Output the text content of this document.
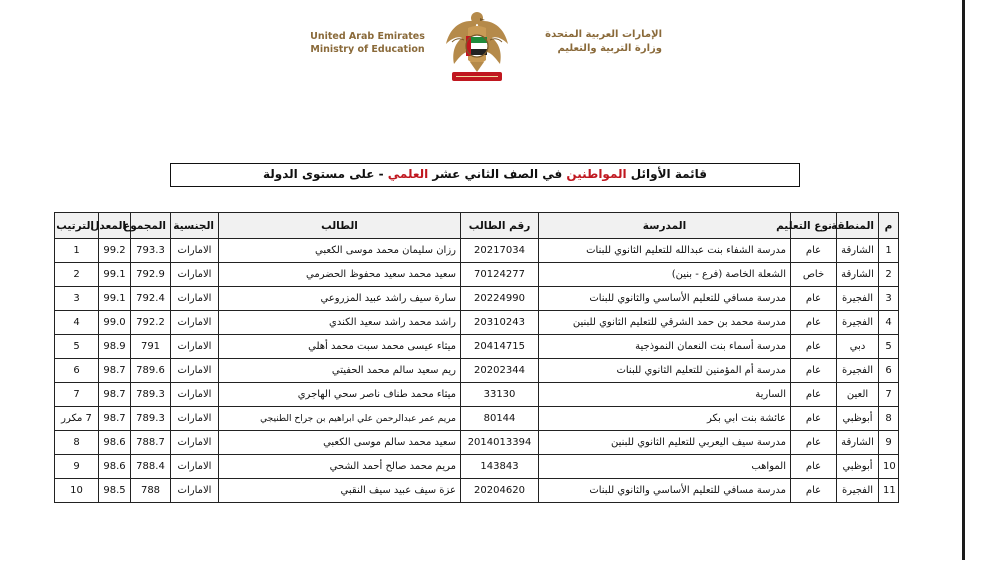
United Arab Emirates
Ministry of Education
الإمارات العربية المتحدة
وزارة التربية والتعليم
قائمة الأوائل المواطنين في الصف الثاني عشر العلمي - على مستوى الدولة
م	المنطقة	نوع التعليم	المدرسة	رقم الطالب	الطالب	الجنسية	المجموع	المعدل	الترتيب
1	الشارقة	عام	مدرسة الشفاء بنت عبدالله للتعليم الثانوي للبنات	20217034	رزان سليمان محمد موسى الكعبي	الامارات	793.3	99.2	1
2	الشارقة	خاص	الشعلة الخاصة (فرع - بنين)	70124277	سعيد محمد سعيد محفوظ الحضرمي	الامارات	792.9	99.1	2
3	الفجيرة	عام	مدرسة مسافي للتعليم الأساسي والثانوي للبنات	20224990	سارة سيف راشد عبيد المزروعي	الامارات	792.4	99.1	3
4	الفجيرة	عام	مدرسة محمد بن حمد الشرقي للتعليم الثانوي للبنين	20310243	راشد محمد راشد سعيد الكندي	الامارات	792.2	99.0	4
5	دبي	عام	مدرسة أسماء بنت النعمان النموذجية	20414715	ميثاء عيسى محمد سبت محمد أهلي	الامارات	791	98.9	5
6	الفجيرة	عام	مدرسة أم المؤمنين للتعليم الثانوي للبنات	20202344	ريم سعيد سالم محمد الحفيتي	الامارات	789.6	98.7	6
7	العين	عام	السارية	33130	ميثاء محمد طناف ناصر سحي الهاجري	الامارات	789.3	98.7	7
8	أبوظبي	عام	عائشة بنت ابي بكر	80144	مريم عمر عبدالرحمن علي ابراهيم بن جراح الطنيجي	الامارات	789.3	98.7	7 مكرر
9	الشارقة	عام	مدرسة سيف اليعربي للتعليم الثانوي للبنين	2014013394	سعيد محمد سالم موسى الكعبي	الامارات	788.7	98.6	8
10	أبوظبي	عام	المواهب	143843	مريم محمد صالح أحمد الشحي	الامارات	788.4	98.6	9
11	الفجيرة	عام	مدرسة مسافي للتعليم الأساسي والثانوي للبنات	20204620	عزة سيف عبيد سيف النقبي	الامارات	788	98.5	10
